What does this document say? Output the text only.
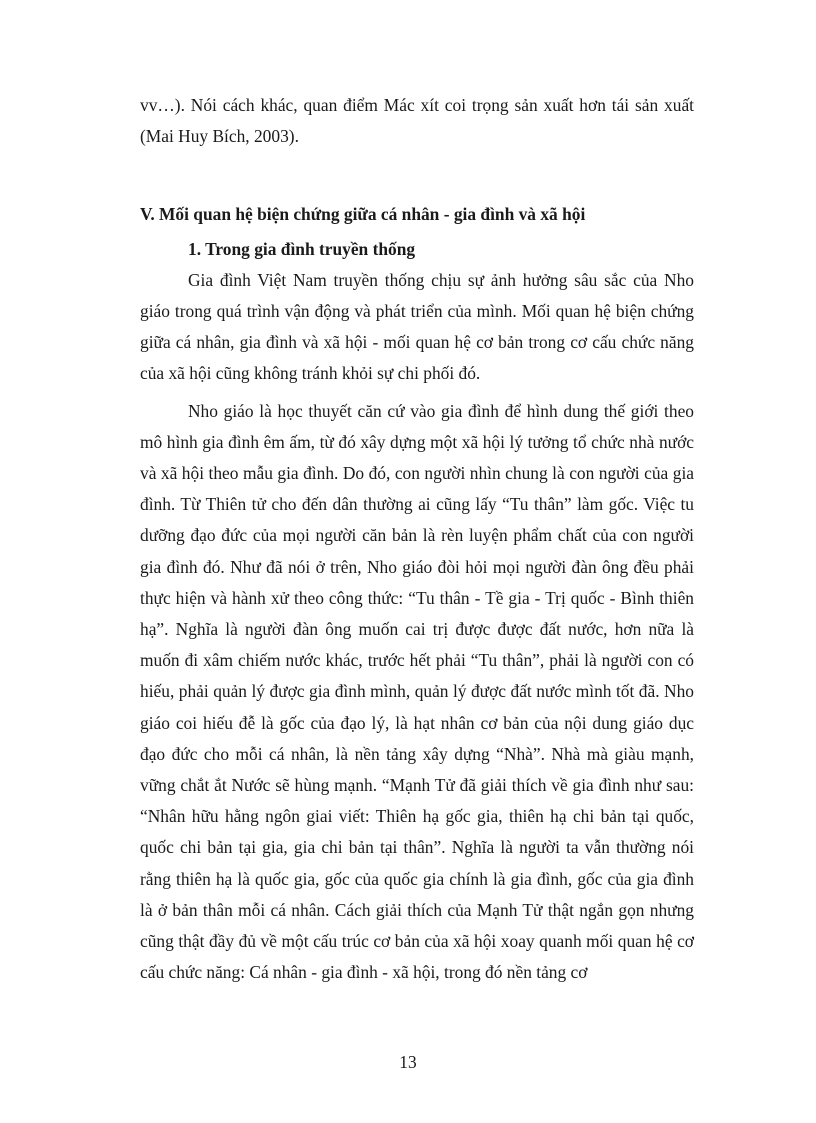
vv…). Nói cách khác, quan điểm Mác xít coi trọng sản xuất hơn tái sản xuất (Mai Huy Bích, 2003).

V. Mối quan hệ biện chứng giữa cá nhân - gia đình và xã hội
1. Trong gia đình truyền thống

Gia đình Việt Nam truyền thống chịu sự ảnh hưởng sâu sắc của Nho giáo trong quá trình vận động và phát triển của mình. Mối quan hệ biện chứng giữa cá nhân, gia đình và xã hội - mối quan hệ cơ bản trong cơ cấu chức năng của xã hội cũng không tránh khỏi sự chi phối đó.

Nho giáo là học thuyết căn cứ vào gia đình để hình dung thế giới theo mô hình gia đình êm ấm, từ đó xây dựng một xã hội lý tưởng tổ chức nhà nước và xã hội theo mẫu gia đình. Do đó, con người nhìn chung là con người của gia đình. Từ Thiên tử cho đến dân thường ai cũng lấy “Tu thân” làm gốc. Việc tu dưỡng đạo đức của mọi người căn bản là rèn luyện phẩm chất của con người gia đình đó. Như đã nói ở trên, Nho giáo đòi hỏi mọi người đàn ông đều phải thực hiện và hành xử theo công thức: “Tu thân - Tề gia - Trị quốc - Bình thiên hạ”. Nghĩa là người đàn ông muốn cai trị được được đất nước, hơn nữa là muốn đi xâm chiếm nước khác, trước hết phải “Tu thân”, phải là người con có hiếu, phải quản lý được gia đình mình, quản lý được đất nước mình tốt đã. Nho giáo coi hiếu đễ là gốc của đạo lý, là hạt nhân cơ bản của nội dung giáo dục đạo đức cho mỗi cá nhân, là nền tảng xây dựng “Nhà”. Nhà mà giàu mạnh, vững chắt ắt Nước sẽ hùng mạnh. “Mạnh Tử đã giải thích về gia đình như sau: “Nhân hữu hằng ngôn giai viết: Thiên hạ gốc gia, thiên hạ chi bản tại quốc, quốc chi bản tại gia, gia chi bản tại thân”. Nghĩa là người ta vẫn thường nói rằng thiên hạ là quốc gia, gốc của quốc gia chính là gia đình, gốc của gia đình là ở bản thân mỗi cá nhân. Cách giải thích của Mạnh Tử thật ngắn gọn nhưng cũng thật đầy đủ về một cấu trúc cơ bản của xã hội xoay quanh mối quan hệ cơ cấu chức năng: Cá nhân - gia đình - xã hội, trong đó nền tảng cơ

13
